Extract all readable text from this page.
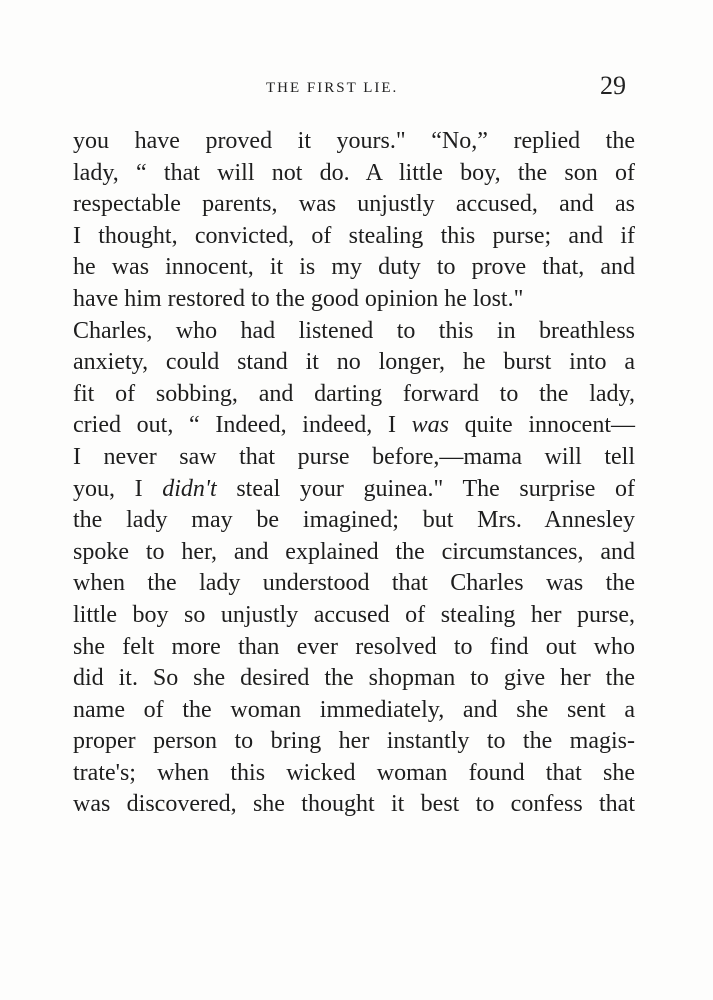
THE FIRST LIE.	29
you have proved it yours." “No,” replied the
lady, “ that will not do. A little boy, the son of
respectable parents, was unjustly accused, and as
I thought, convicted, of stealing this purse; and if
he was innocent, it is my duty to prove that, and
have him restored to the good opinion he lost."
Charles, who had listened to this in breathless
anxiety, could stand it no longer, he burst into a
fit of sobbing, and darting forward to the lady,
cried out, “ Indeed, indeed, I was quite innocent—
I never saw that purse before,—mama will tell
you, I didn't steal your guinea." The surprise of
the lady may be imagined; but Mrs. Annesley
spoke to her, and explained the circumstances, and
when the lady understood that Charles was the
little boy so unjustly accused of stealing her purse,
she felt more than ever resolved to find out who
did it. So she desired the shopman to give her the
name of the woman immediately, and she sent a
proper person to bring her instantly to the magis-
trate's; when this wicked woman found that she
was discovered, she thought it best to confess that
